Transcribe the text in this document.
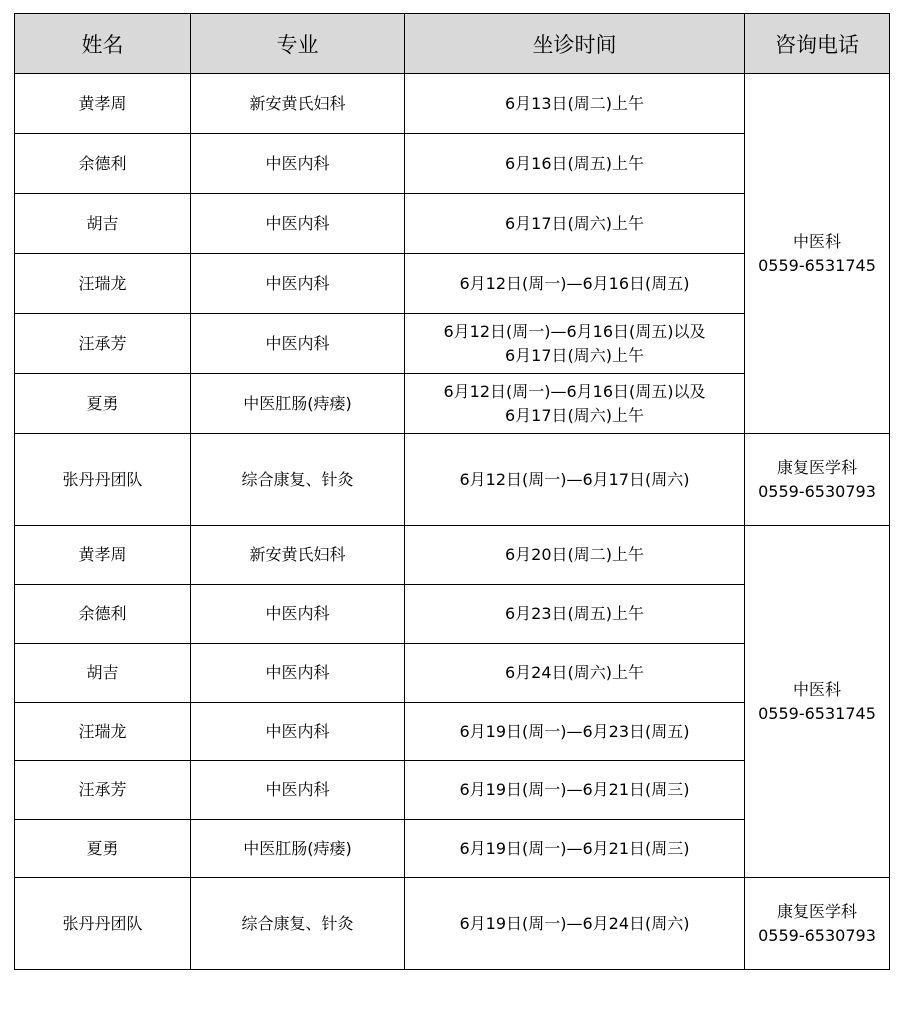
姓名	专业	坐诊时间	咨询电话
黄孝周	新安黄氏妇科	6月13日(周二)上午	中医科
0559-6531745

余德利	中医内科	6月16日(周五)上午	

胡吉	中医内科	6月17日(周六)上午	

汪瑞龙	中医内科	6月12日(周一)—6月16日(周五)	

汪承芳	中医内科	6月12日(周一)—6月16日(周五)以及
6月17日(周六)上午	

夏勇	中医肛肠(痔瘘)	6月12日(周一)—6月16日(周五)以及
6月17日(周六)上午	

张丹丹团队	综合康复、针灸	6月12日(周一)—6月17日(周六)	康复医学科
0559-6530793

黄孝周	新安黄氏妇科	6月20日(周二)上午	中医科
0559-6531745

余德利	中医内科	6月23日(周五)上午	

胡吉	中医内科	6月24日(周六)上午	

汪瑞龙	中医内科	6月19日(周一)—6月23日(周五)	

汪承芳	中医内科	6月19日(周一)—6月21日(周三)	

夏勇	中医肛肠(痔瘘)	6月19日(周一)—6月21日(周三)	

张丹丹团队	综合康复、针灸	6月19日(周一)—6月24日(周六)	康复医学科
0559-6530793
